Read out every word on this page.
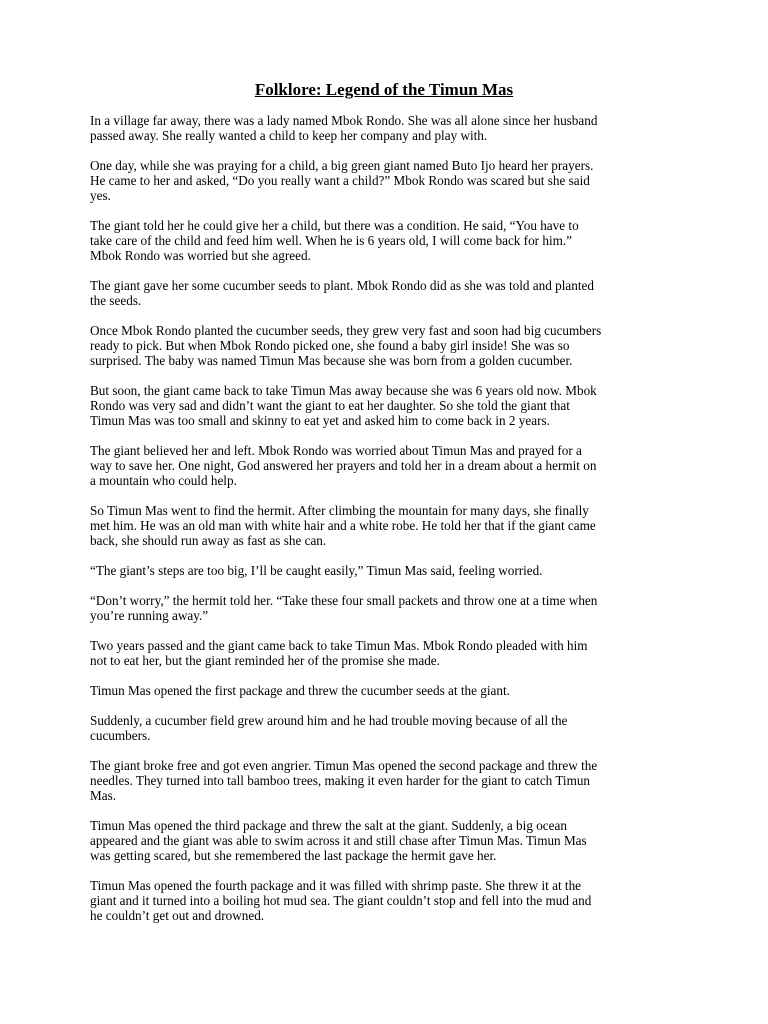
Folklore: Legend of the Timun Mas

In a village far away, there was a lady named Mbok Rondo. She was all alone since her husband
passed away. She really wanted a child to keep her company and play with.

One day, while she was praying for a child, a big green giant named Buto Ijo heard her prayers.
He came to her and asked, “Do you really want a child?” Mbok Rondo was scared but she said
yes.

The giant told her he could give her a child, but there was a condition. He said, “You have to
take care of the child and feed him well. When he is 6 years old, I will come back for him.”
Mbok Rondo was worried but she agreed.

The giant gave her some cucumber seeds to plant. Mbok Rondo did as she was told and planted
the seeds.

Once Mbok Rondo planted the cucumber seeds, they grew very fast and soon had big cucumbers
ready to pick. But when Mbok Rondo picked one, she found a baby girl inside! She was so
surprised. The baby was named Timun Mas because she was born from a golden cucumber.

But soon, the giant came back to take Timun Mas away because she was 6 years old now. Mbok
Rondo was very sad and didn’t want the giant to eat her daughter. So she told the giant that
Timun Mas was too small and skinny to eat yet and asked him to come back in 2 years.

The giant believed her and left. Mbok Rondo was worried about Timun Mas and prayed for a
way to save her. One night, God answered her prayers and told her in a dream about a hermit on
a mountain who could help.

So Timun Mas went to find the hermit. After climbing the mountain for many days, she finally
met him. He was an old man with white hair and a white robe. He told her that if the giant came
back, she should run away as fast as she can.

“The giant’s steps are too big, I’ll be caught easily,” Timun Mas said, feeling worried.

“Don’t worry,” the hermit told her. “Take these four small packets and throw one at a time when
you’re running away.”

Two years passed and the giant came back to take Timun Mas. Mbok Rondo pleaded with him
not to eat her, but the giant reminded her of the promise she made.

Timun Mas opened the first package and threw the cucumber seeds at the giant.

Suddenly, a cucumber field grew around him and he had trouble moving because of all the
cucumbers.

The giant broke free and got even angrier. Timun Mas opened the second package and threw the
needles. They turned into tall bamboo trees, making it even harder for the giant to catch Timun
Mas.

Timun Mas opened the third package and threw the salt at the giant. Suddenly, a big ocean
appeared and the giant was able to swim across it and still chase after Timun Mas. Timun Mas
was getting scared, but she remembered the last package the hermit gave her.

Timun Mas opened the fourth package and it was filled with shrimp paste. She threw it at the
giant and it turned into a boiling hot mud sea. The giant couldn’t stop and fell into the mud and
he couldn’t get out and drowned.
